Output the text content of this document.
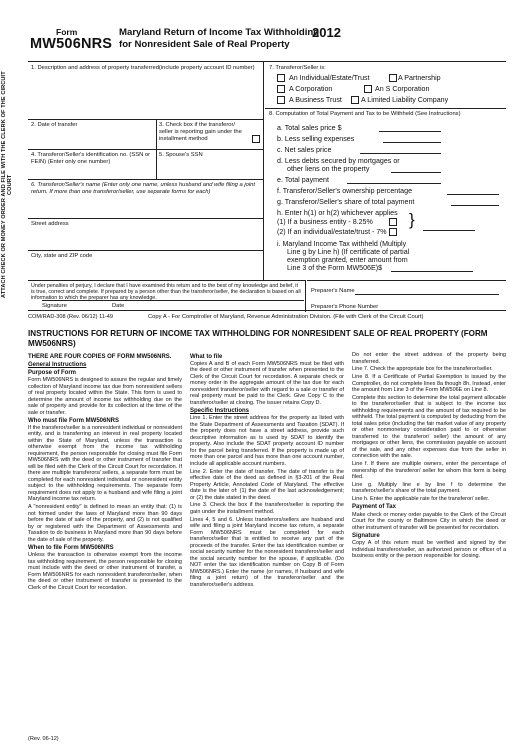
ATTACH CHECK OR MONEY ORDER AND FILE WITH THE CLERK OF THE CIRCUIT COURT
Form
MW506NRS
Maryland Return of Income Tax Withholding
for Nonresident Sale of Real Property
2012
1. Description and address of property transferred(include property account ID number)
2. Date of transfer	3. Check box if the transferor/ seller is reporting gain under the installment method
4. Transferor/Seller's identification no. (SSN or FEIN) (Enter only one number)
5. Spouse's SSN
6. Transferor/Seller's name (Enter only one name, unless husband and wife filing a joint return. If more than one transferor/seller, use separate forms for each)
Street address
City, state and ZIP code
7. Transferor/Seller is:
An Individual/Estate/Trust	A Partnership
A Corporation	An S Corporation
A Business Trust	A Limited Liability Company
8. Computation of Total Payment and Tax to be Withheld (See Instructions)
a. Total sales price $
b. Less selling expenses
c. Net sales price
d. Less debts secured by mortgages or
other liens on the property
e. Total payment
f. Transferor/Seller's ownership percentage
g. Transferor/Seller's share of total payment
h. Enter h(1) or h(2) whichever applies
(1) If a business entity - 8.25%
(2) If an individual/estate/trust - 7%
}
i. Maryland Income Tax withheld (Multiply
Line g by Line h) (If certificate of partial
exemption granted, enter amount from
Line 3 of the Form MW506E)$
Under penalties of perjury, I declare that I have examined this return and to the best of my knowledge and belief, it is true, correct and complete. If prepared by a person other than the transferor/seller, the declaration is based on all information to which the preparer has any knowledge.
Signature	Date
Preparer's Name
Preparer's Phone Number
COM/RAD-308 (Rev. 06/12) 11-49	Copy A - For Comptroller of Maryland, Revenue Administration Division. (File with Clerk of the Circuit Court)
INSTRUCTIONS FOR RETURN OF INCOME TAX WITHHOLDING FOR NONRESIDENT SALE OF REAL PROPERTY (FORM MW506NRS)
THERE ARE FOUR COPIES OF FORM MW506NRS.
General Instructions
Purpose of Form

Form MW506NRS is designed to assure the regular and timely collection of Maryland income tax due from nonresident sellers of real property located within the State. This form is used to determine the amount of income tax withholding due on the sale of property and provide for its collection at the time of the sale or transfer.

Who must file Form MW506NRS

If the transferor/seller is a nonresident individual or nonresident entity, and is transferring an interest in real property located within the State of Maryland, unless the transaction is otherwise exempt from the income tax withholding requirement, the person responsible for closing must file Form MW506NRS with the deed or other instrument of transfer that will be filed with the Clerk of the Circuit Court for recordation. If there are multiple transferors/ sellers, a separate form must be completed for each nonresident individual or nonresident entity subject to the withholding requirements. The separate form requirement does not apply to a husband and wife filing a joint Maryland income tax return.

A "nonresident entity" is defined to mean an entity that: (1) is not formed under the laws of Maryland more than 90 days before the date of sale of the property, and (2) is not qualified by or registered with the Department of Assessments and Taxation to do business in Maryland more than 90 days before the date of sale of the property.

When to file Form MW506NRS

Unless the transaction is otherwise exempt from the income tax withholding requirement, the person responsible for closing must include with the deed or other instrument of transfer, a Form MW506NRS for each nonresident transferor/seller, when the deed or other instrument of transfer is presented to the Clerk of the Circuit Court for recordation.

What to file

Copies A and B of each Form MW506NRS must be filed with the deed or other instrument of transfer when presented to the Clerk of the Circuit Court for recordation. A separate check or money order in the aggregate amount of the tax due for each nonresident transferor/seller with regard to a sale or transfer of real property must be paid to the Clerk. Give Copy C to the transferor/seller at closing. The issuer retains Copy D.

Specific Instructions

Line 1. Enter the street address for the property as listed with the State Department of Assessments and Taxation (SDAT). If the property does not have a street address, provide such descriptive information as is used by SDAT to identify the property. Also include the SDAT property account ID number for the parcel being transferred. If the property is made up of more than one parcel and has more than one account number, include all applicable account numbers.

Line 2. Enter the date of transfer. The date of transfer is the effective date of the deed as defined in §3-201 of the Real Property Article, Annotated Code of Maryland. The effective date is the later of: (1) the date of the last acknowledgement; or (2) the date stated in the deed.

Line 3. Check the box if the transferor/seller is reporting the gain under the installment method.

Lines 4, 5 and 6. Unless transferors/sellers are husband and wife and filing a joint Maryland income tax return, a separate Form MW506NRS must be completed for each transferor/seller that is entitled to receive any part of the proceeds of the transfer. Enter the tax identification number or social security number for the nonresident transferor/seller and the social security number for the spouse, if applicable. (Do NOT enter the tax identification number on Copy B of Form MW506NRS.) Enter the name (or names, if husband and wife filing a joint return) of the transferor/seller and the transferor/seller's address.

Do not enter the street address of the property being transferred.

Line 7. Check the appropriate box for the transferor/seller.

Line 8. If a Certificate of Partial Exemption is issued by the Comptroller, do not complete lines 8a though 8h. Instead, enter the amount from Line 3 of the Form MW506E on Line 8.

Complete this section to determine the total payment allocable to the transferor/seller that is subject to the income tax withholding requirements and the amount of tax required to be withheld. The total payment is computed by deducting from the total sales price (including the fair market value of any property or other nonmonetary consideration paid to or otherwise transferred to the transferor/ seller) the amount of any mortgages or other liens, the commission payable on account of the sale, and any other expenses due from the seller in connection with the sale.

Line f. If there are multiple owners, enter the percentage of ownership of the transferor/ seller for whom this form is being filed.

Line g. Multiply line e by line f to determine the transferor/seller's share of the total payment.

Line h. Enter the applicable rate for the transferor/ seller.

Payment of Tax

Make check or money order payable to the Clerk of the Circuit Court for the county or Baltimore City in which the deed or other instrument of transfer will be presented for recordation.

Signature

Copy A of this return must be verified and signed by the individual transferor/seller, an authorized person or officer of a business entity or the person responsible for closing.

(Rev. 06-12)
